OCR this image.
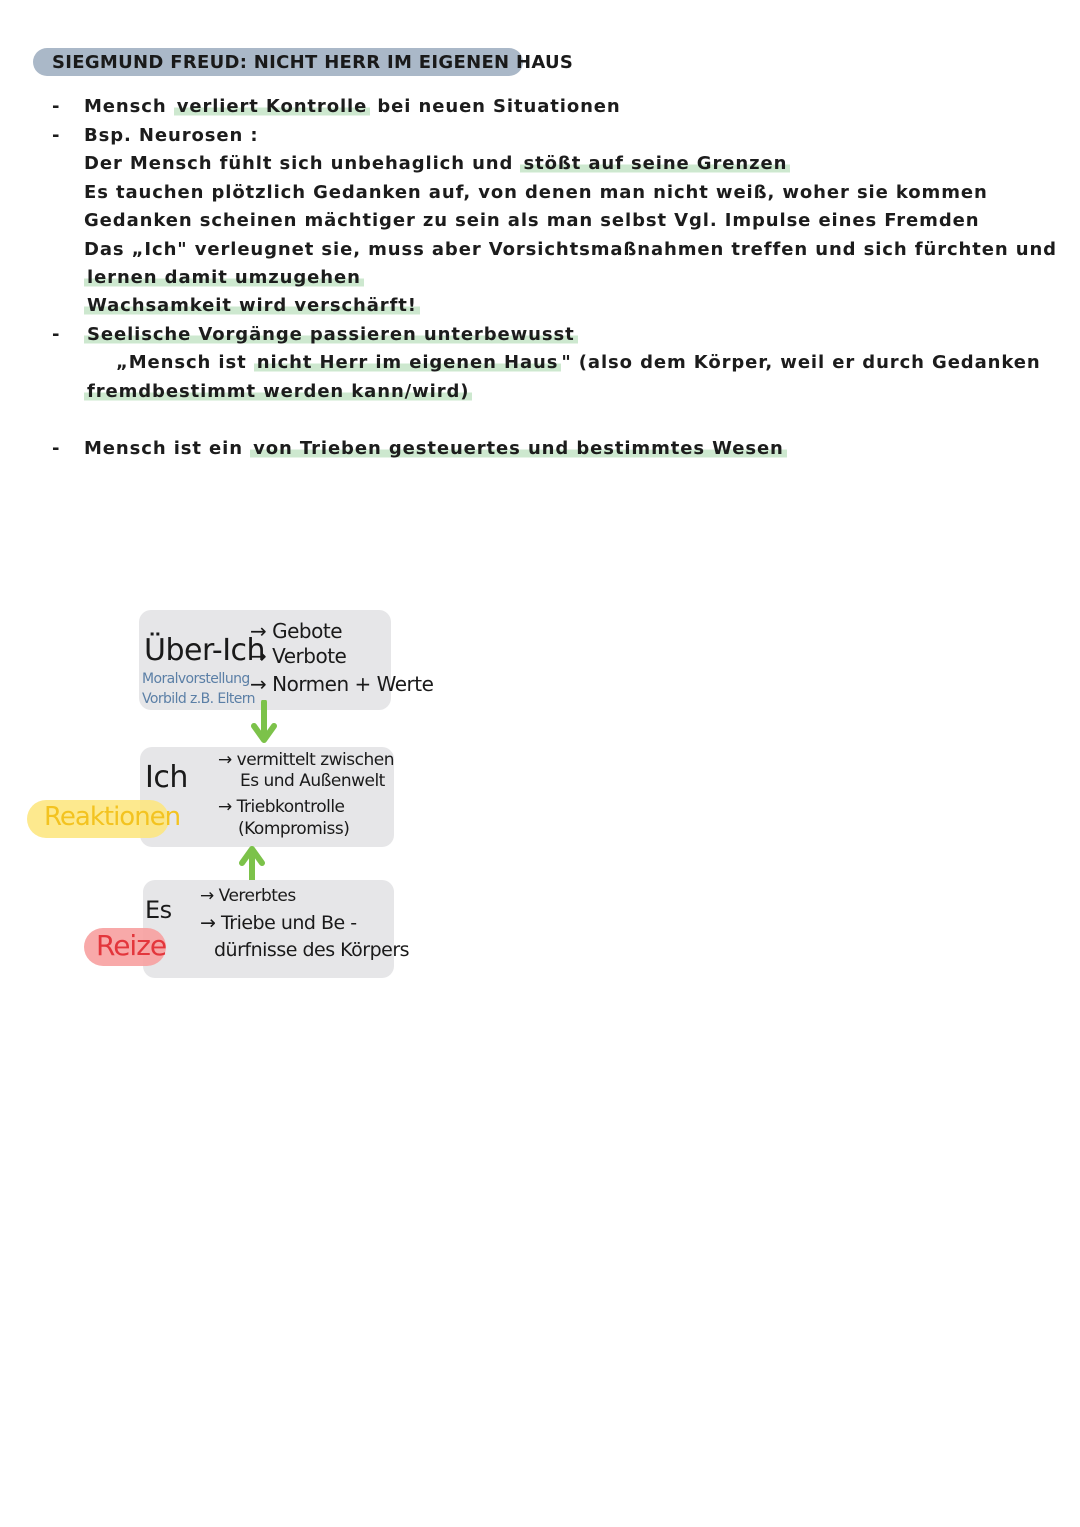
SIEGMUND FREUD: NICHT HERR IM EIGENEN HAUS
- Mensch verliert Kontrolle bei neuen Situationen
- Bsp. Neurosen :
Der Mensch fühlt sich unbehaglich und stößt auf seine Grenzen
Es tauchen plötzlich Gedanken auf, von denen man nicht weiß, woher sie kommen
Gedanken scheinen mächtiger zu sein als man selbst Vgl. Impulse eines Fremden
Das „Ich" verleugnet sie, muss aber Vorsichtsmaßnahmen treffen und sich fürchten und
lernen damit umzugehen
Wachsamkeit wird verschärft!
- Seelische Vorgänge passieren unterbewusst
„Mensch ist nicht Herr im eigenen Haus " (also dem Körper, weil er durch Gedanken
fremdbestimmt werden kann/wird)
- Mensch ist ein von Trieben gesteuertes und bestimmtes Wesen
Über-Ich
→ Gebote
→ Verbote
→ Normen + Werte
Moralvorstellung
Vorbild z.B. Eltern
Ich → vermittelt zwischen
Es und Außenwelt
→ Triebkontrolle
(Kompromiss)
Reaktionen
Es → Vererbtes
→ Triebe und Be -
dürfnisse des Körpers
Reize
